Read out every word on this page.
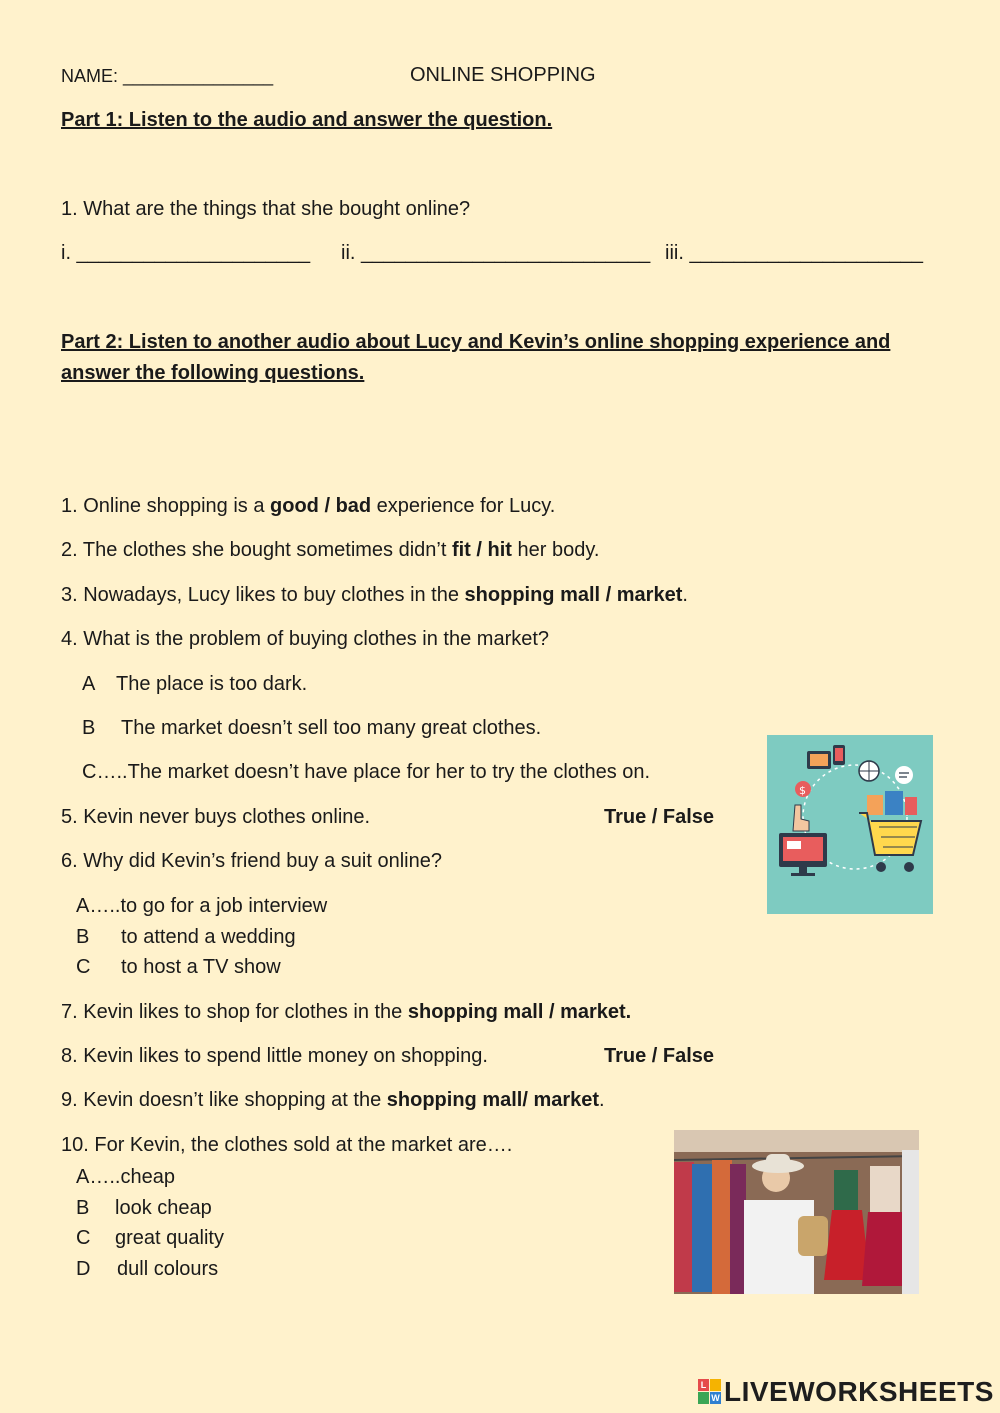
NAME: _______________	ONLINE SHOPPING
Part 1: Listen to the audio and answer the question.
1. What are the things that she bought online?
i. _____________________ ii. __________________________ iii. _____________________
Part 2: Listen to another audio about Lucy and Kevin’s online shopping experience and
answer the following questions.
1. Online shopping is a good / bad experience for Lucy.
2. The clothes she bought sometimes didn’t fit / hit her body.
3. Nowadays, Lucy likes to buy clothes in the shopping mall / market.
4. What is the problem of buying clothes in the market?
A The place is too dark.
B The market doesn’t sell too many great clothes.
C…..The market doesn’t have place for her to try the clothes on.
5. Kevin never buys clothes online.	True / False
6. Why did Kevin’s friend buy a suit online?
A…..to go for a job interview
B to attend a wedding
C to host a TV show
7. Kevin likes to shop for clothes in the shopping mall / market.
8. Kevin likes to spend little money on shopping.	True / False
9. Kevin doesn’t like shopping at the shopping mall/ market.
10. For Kevin, the clothes sold at the market are….
A…..cheap
B look cheap
C great quality
D dull colours
$
L
W LIVEWORKSHEETS
